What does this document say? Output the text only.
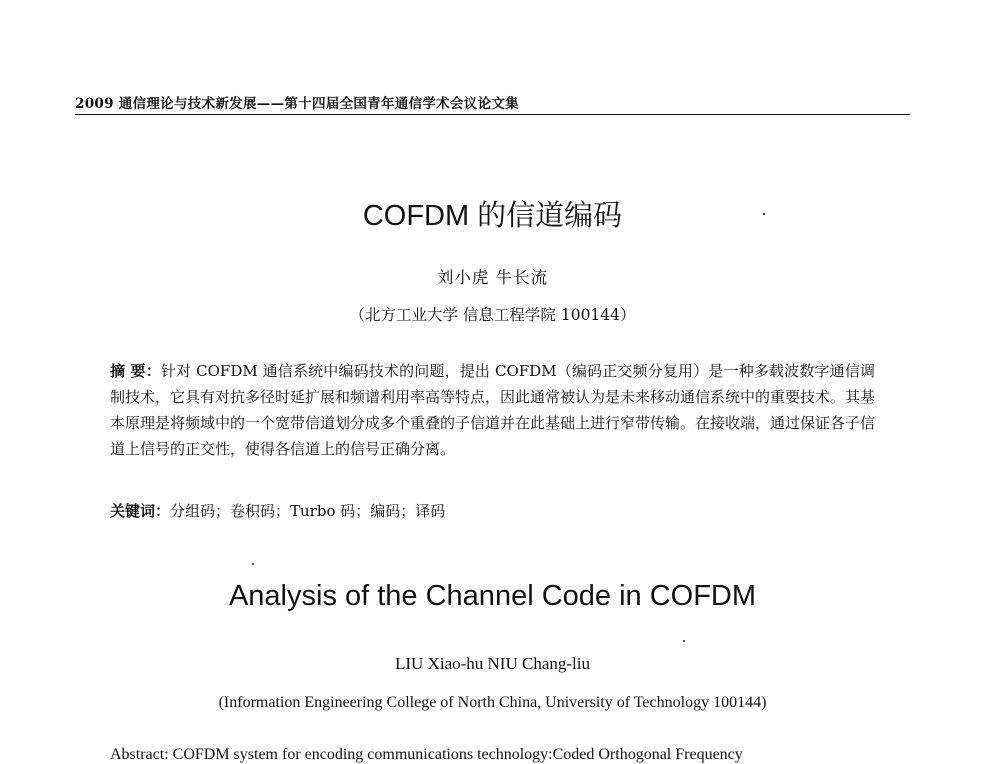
2009 通信理论与技术新发展——第十四届全国青年通信学术会议论文集
COFDM 的信道编码
刘小虎 牛长流
（北方工业大学 信息工程学院 100144）
摘 要：针对 COFDM 通信系统中编码技术的问题，提出 COFDM（编码正交频分复用）是一种多载波数字通信调制技术，它具有对抗多径时延扩展和频谱利用率高等特点，因此通常被认为是未来移动通信系统中的重要技术。其基本原理是将频域中的一个宽带信道划分成多个重叠的子信道并在此基础上进行窄带传输。在接收端，通过保证各子信道上信号的正交性，使得各信道上的信号正确分离。
关键词：分组码；卷积码；Turbo 码；编码；译码
Analysis of the Channel Code in COFDM
LIU Xiao-hu NIU Chang-liu
(Information Engineering College of North China, University of Technology 100144)
Abstract: COFDM system for encoding communications technology:Coded Orthogonal Frequency
